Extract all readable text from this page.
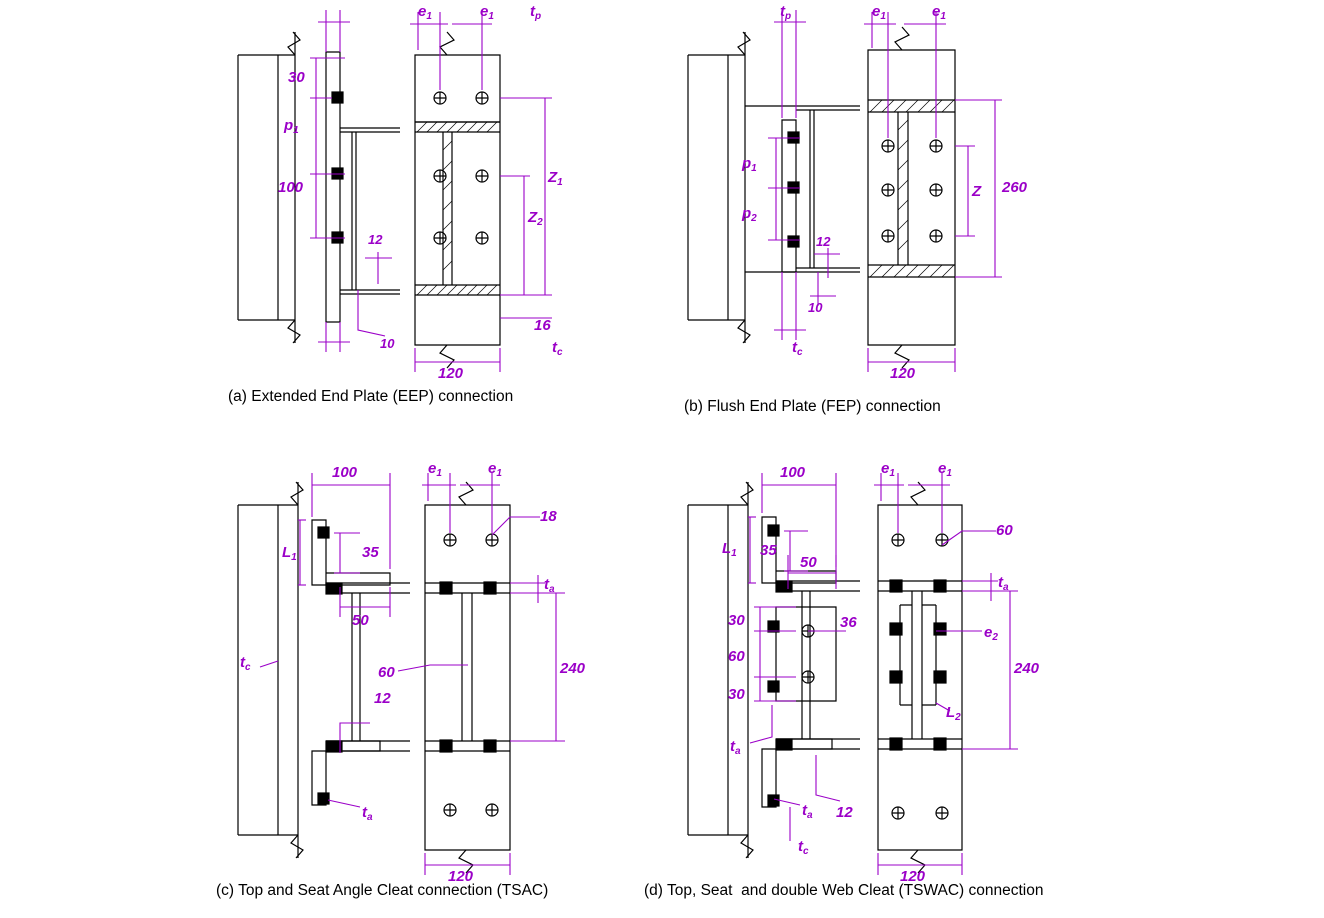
$t_p$
$t_c$
$e_1$	$e_1$
30
$p_1$
100
12
10
$Z_1$
$Z_2$
16
120
(a) Extended End Plate (EEP) connection
$t_p$	$e_1$	$e_1$
$p_1$
$p_2$
12
10
$t_c$
260
Z
120
(b) Flush End Plate (FEP) connection
100	$e_1$	$e_1$
35
$L_1$
50
18
60
$t_c$
12
$t_a$
$t_a$
240
120
(c) Top and Seat Angle Cleat connection (TSAC)
100	$e_1$	$e_1$
35
$L_1$
50
30
60
30
36
$t_a$
$t_a$ 12
$t_c$
60
$t_a$
$e_2$
$L_2$
240
120
(d) Top, Seat  and double Web Cleat (TSWAC) connection
